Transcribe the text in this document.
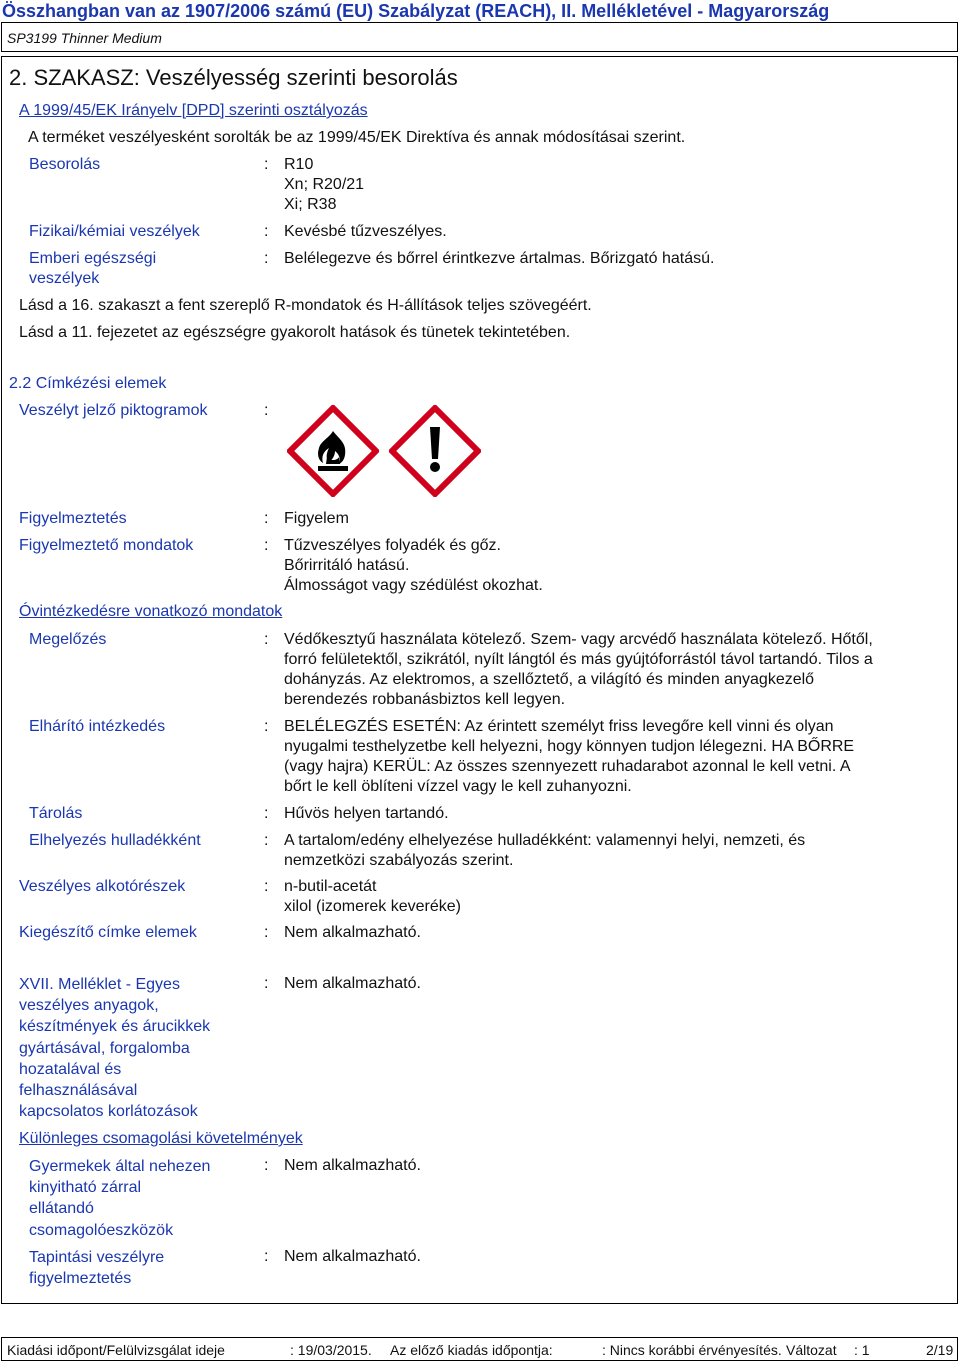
Összhangban van az 1907/2006 számú (EU) Szabályzat (REACH), II. Mellékletével - Magyarország
SP3199 Thinner Medium
2. SZAKASZ: Veszélyesség szerinti besorolás
A 1999/45/EK Irányelv [DPD] szerinti osztályozás
A terméket veszélyesként sorolták be az 1999/45/EK Direktíva és annak módosításai szerint.
Besorolás	: R10
Xn; R20/21
Xi; R38
Fizikai/kémiai veszélyek	: Kevésbé tűzveszélyes.
Emberi egészségi
veszélyek
: Belélegezve és bőrrel érintkezve ártalmas. Bőrizgató hatású.
Lásd a 16. szakaszt a fent szereplő R-mondatok és H-állítások teljes szövegéért.
Lásd a 11. fejezetet az egészségre gyakorolt hatások és tünetek tekintetében.
2.2 Címkézési elemek
Veszélyt jelző piktogramok	:
Figyelmeztetés	: Figyelem
Figyelmeztető mondatok	: Tűzveszélyes folyadék és gőz.
Bőrirritáló hatású.
Álmosságot vagy szédülést okozhat.
Óvintézkedésre vonatkozó mondatok
Megelőzés	: Védőkesztyű használata kötelező. Szem- vagy arcvédő használata kötelező. Hőtől,
forró felületektől, szikrától, nyílt lángtól és más gyújtóforrástól távol tartandó. Tilos a
dohányzás. Az elektromos, a szellőztető, a világító és minden anyagkezelő
berendezés robbanásbiztos kell legyen.
Elhárító intézkedés	: BELÉLEGZÉS ESETÉN: Az érintett személyt friss levegőre kell vinni és olyan
nyugalmi testhelyzetbe kell helyezni, hogy könnyen tudjon lélegezni. HA BŐRRE
(vagy hajra) KERÜL: Az összes szennyezett ruhadarabot azonnal le kell vetni. A
bőrt le kell öblíteni vízzel vagy le kell zuhanyozni.
Tárolás	: Hűvös helyen tartandó.
Elhelyezés hulladékként	: A tartalom/edény elhelyezése hulladékként: valamennyi helyi, nemzeti, és
nemzetközi szabályozás szerint.
Veszélyes alkotórészek	: n-butil-acetát
xilol (izomerek keveréke)
Kiegészítő címke elemek	: Nem alkalmazható.
XVII. Melléklet - Egyes
veszélyes anyagok,
készítmények és árucikkek
gyártásával, forgalomba
hozatalával és
felhasználásával
kapcsolatos korlátozások
: Nem alkalmazható.
Különleges csomagolási követelmények
Gyermekek által nehezen
kinyitható zárral
ellátandó
csomagolóeszközök
: Nem alkalmazható.
Tapintási veszélyre
figyelmeztetés
: Nem alkalmazható.
Kiadási időpont/Felülvizsgálat ideje	: 19/03/2015. Az előző kiadás időpontja:	: Nincs korábbi érvényesítés. Változat : 1	2/19
